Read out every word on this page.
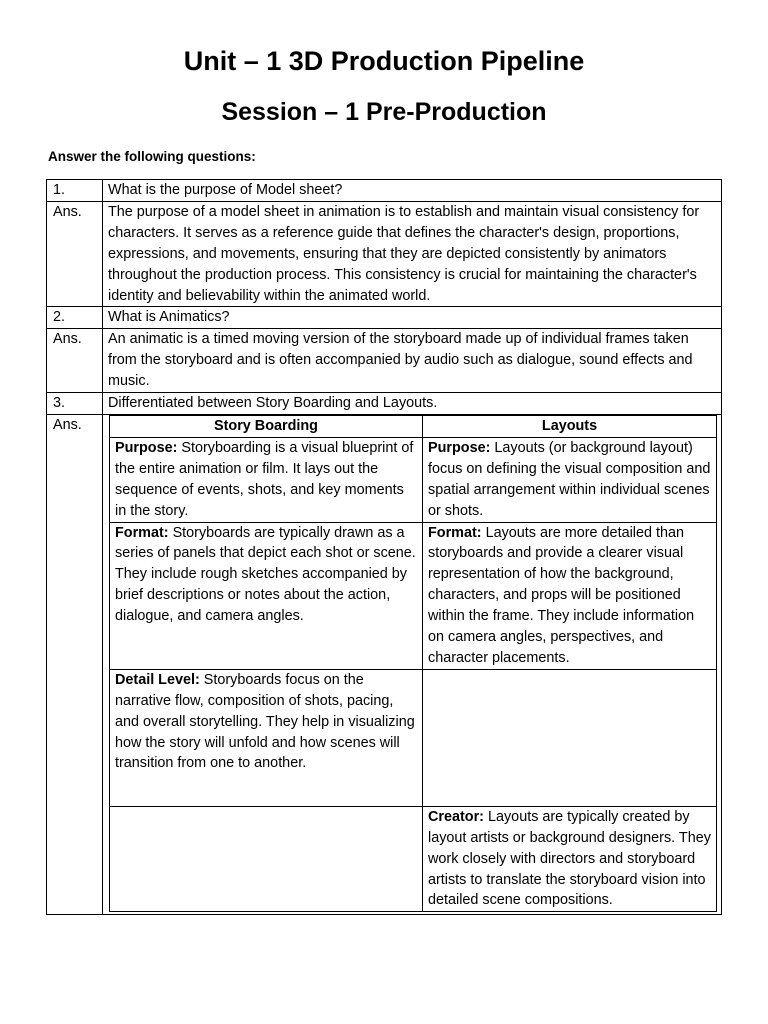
Unit – 1 3D Production Pipeline
Session – 1 Pre-Production
Answer the following questions:
1.	What is the purpose of Model sheet?
Ans.	The purpose of a model sheet in animation is to establish and maintain visual consistency for characters. It serves as a reference guide that defines the character's design, proportions, expressions, and movements, ensuring that they are depicted consistently by animators throughout the production process. This consistency is crucial for maintaining the character's identity and believability within the animated world.
2.	What is Animatics?
Ans.	An animatic is a timed moving version of the storyboard made up of individual frames taken from the storyboard and is often accompanied by audio such as dialogue, sound effects and music.
3.	Differentiated between Story Boarding and Layouts.
Ans.		Story Boarding	Layouts
Purpose: Storyboarding is a visual blueprint of the entire animation or film. It lays out the sequence of events, shots, and key moments in the story.	Purpose: Layouts (or background layout) focus on defining the visual composition and spatial arrangement within individual scenes or shots.
Format: Storyboards are typically drawn as a series of panels that depict each shot or scene. They include rough sketches accompanied by brief descriptions or notes about the action, dialogue, and camera angles.	Format: Layouts are more detailed than storyboards and provide a clearer visual representation of how the background, characters, and props will be positioned within the frame. They include information on camera angles, perspectives, and character placements.
Detail Level: Storyboards focus on the narrative flow, composition of shots, pacing, and overall storytelling. They help in visualizing how the story will unfold and how scenes will transition from one to another.	
	Creator: Layouts are typically created by layout artists or background designers. They work closely with directors and storyboard artists to translate the storyboard vision into detailed scene compositions.
